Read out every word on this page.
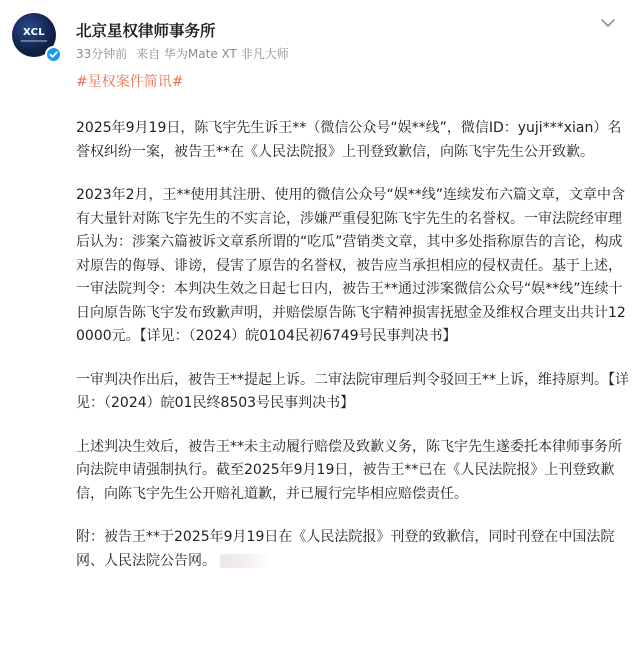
XCL	北京星权律师事务所
33分钟前 来自 华为Mate XT 非凡大师
#星权案件简讯#

2025年9月19日，陈飞宇先生诉王**（微信公众号“娱**线”，微信ID：yuji***xian）名誉权纠纷一案，被告王**在《人民法院报》上刊登致歉信，向陈飞宇先生公开致歉。

2023年2月，王**使用其注册、使用的微信公众号“娱**线”连续发布六篇文章，文章中含有大量针对陈飞宇先生的不实言论，涉嫌严重侵犯陈飞宇先生的名誉权。一审法院经审理后认为：涉案六篇被诉文章系所谓的“吃瓜”营销类文章，其中多处指称原告的言论，构成对原告的侮辱、诽谤，侵害了原告的名誉权，被告应当承担相应的侵权责任。基于上述，一审法院判令：本判决生效之日起七日内，被告王**通过涉案微信公众号“娱**线”连续十日向原告陈飞宇发布致歉声明，并赔偿原告陈飞宇精神损害抚慰金及维权合理支出共计120000元。【详见：（2024）皖0104民初6749号民事判决书】

一审判决作出后，被告王**提起上诉。二审法院审理后判令驳回王**上诉，维持原判。【详见：（2024）皖01民终8503号民事判决书】

上述判决生效后，被告王**未主动履行赔偿及致歉义务，陈飞宇先生遂委托本律师事务所向法院申请强制执行。截至2025年9月19日，被告王**已在《人民法院报》上刊登致歉信，向陈飞宇先生公开赔礼道歉，并已履行完毕相应赔偿责任。

附：被告王**于2025年9月19日在《人民法院报》刊登的致歉信，同时刊登在中国法院网、人民法院公告网。
